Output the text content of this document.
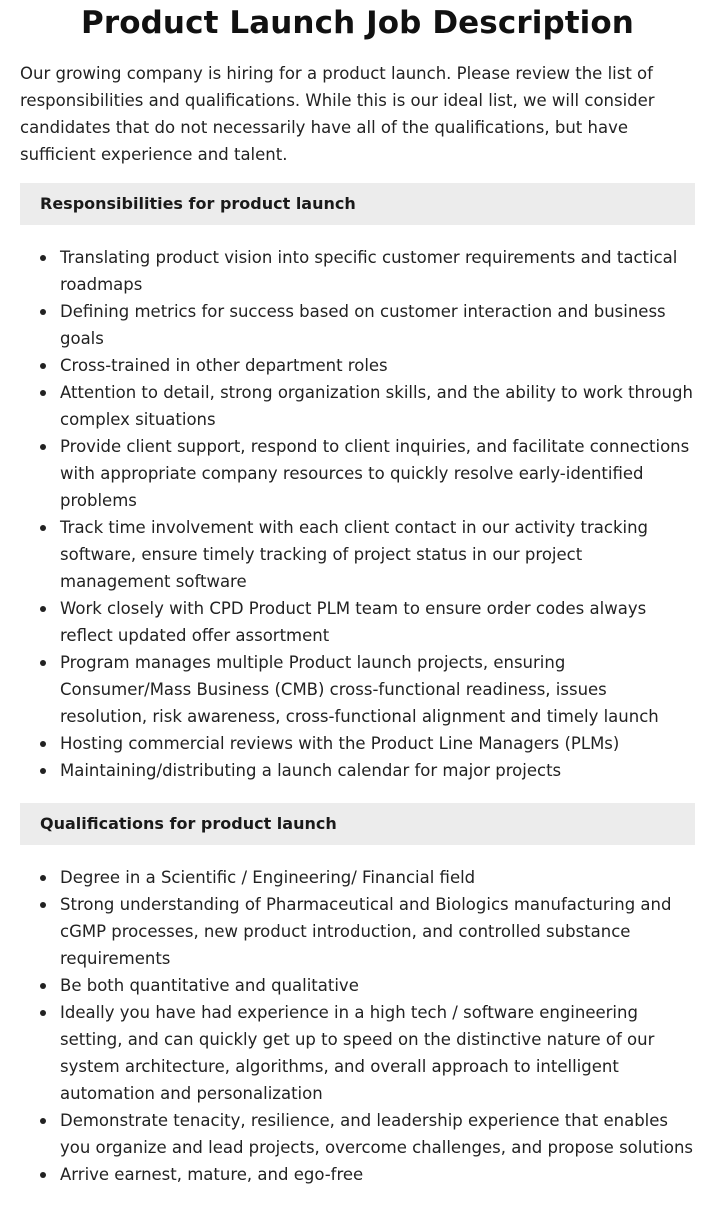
Product Launch Job Description

Our growing company is hiring for a product launch. Please review the list of responsibilities and qualifications. While this is our ideal list, we will consider candidates that do not necessarily have all of the qualifications, but have sufficient experience and talent.

Responsibilities for product launch
Translating product vision into specific customer requirements and tactical roadmaps
Defining metrics for success based on customer interaction and business goals
Cross-trained in other department roles
Attention to detail, strong organization skills, and the ability to work through complex situations
Provide client support, respond to client inquiries, and facilitate connections with appropriate company resources to quickly resolve early-identified problems
Track time involvement with each client contact in our activity tracking software, ensure timely tracking of project status in our project management software
Work closely with CPD Product PLM team to ensure order codes always reflect updated offer assortment
Program manages multiple Product launch projects, ensuring Consumer/Mass Business (CMB) cross-functional readiness, issues resolution, risk awareness, cross-functional alignment and timely launch
Hosting commercial reviews with the Product Line Managers (PLMs)
Maintaining/distributing a launch calendar for major projects
Qualifications for product launch
Degree in a Scientific / Engineering/ Financial field
Strong understanding of Pharmaceutical and Biologics manufacturing and cGMP processes, new product introduction, and controlled substance requirements
Be both quantitative and qualitative
Ideally you have had experience in a high tech / software engineering setting, and can quickly get up to speed on the distinctive nature of our system architecture, algorithms, and overall approach to intelligent automation and personalization
Demonstrate tenacity, resilience, and leadership experience that enables you organize and lead projects, overcome challenges, and propose solutions
Arrive earnest, mature, and ego-free
